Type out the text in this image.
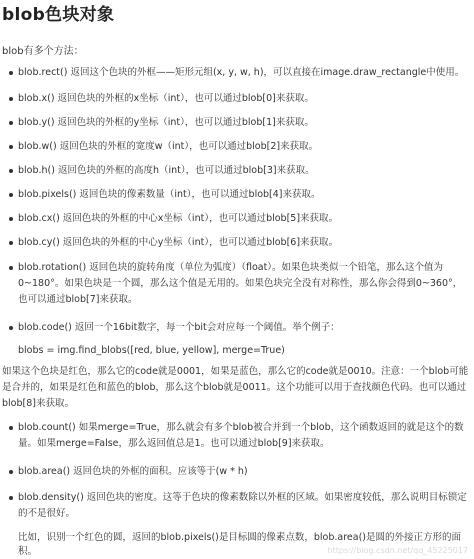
blob色块对象
blob有多个方法：
blob.rect() 返回这个色块的外框——矩形元组(x, y, w, h)，可以直接在image.draw_rectangle中使用。
blob.x() 返回色块的外框的x坐标（int），也可以通过blob[0]来获取。
blob.y() 返回色块的外框的y坐标（int），也可以通过blob[1]来获取。
blob.w() 返回色块的外框的宽度w（int），也可以通过blob[2]来获取。
blob.h() 返回色块的外框的高度h（int），也可以通过blob[3]来获取。
blob.pixels() 返回色块的像素数量（int），也可以通过blob[4]来获取。
blob.cx() 返回色块的外框的中心x坐标（int），也可以通过blob[5]来获取。
blob.cy() 返回色块的外框的中心y坐标（int），也可以通过blob[6]来获取。
blob.rotation() 返回色块的旋转角度（单位为弧度）（float）。如果色块类似一个铅笔，那么这个值为0~180°。如果色块是一个圆，那么这个值是无用的。如果色块完全没有对称性，那么你会得到0~360°，也可以通过blob[7]来获取。
blob.code() 返回一个16bit数字，每一个bit会对应每一个阈值。举个例子：
blobs = img.find_blobs([red, blue, yellow], merge=True)
如果这个色块是红色，那么它的code就是0001，如果是蓝色，那么它的code就是0010。注意：一个blob可能是合并的，如果是红色和蓝色的blob，那么这个blob就是0011。这个功能可以用于查找颜色代码。也可以通过blob[8]来获取。
blob.count() 如果merge=True，那么就会有多个blob被合并到一个blob，这个函数返回的就是这个的数量。如果merge=False，那么返回值总是1。也可以通过blob[9]来获取。
blob.area() 返回色块的外框的面积。应该等于(w * h)
blob.density() 返回色块的密度。这等于色块的像素数除以外框的区域。如果密度较低，那么说明目标锁定的不是很好。
比如，识别一个红色的圆，返回的blob.pixels()是目标圆的像素点数，blob.area()是圆的外接正方形的面积。	https://blog.csdn.net/qq_45225017
